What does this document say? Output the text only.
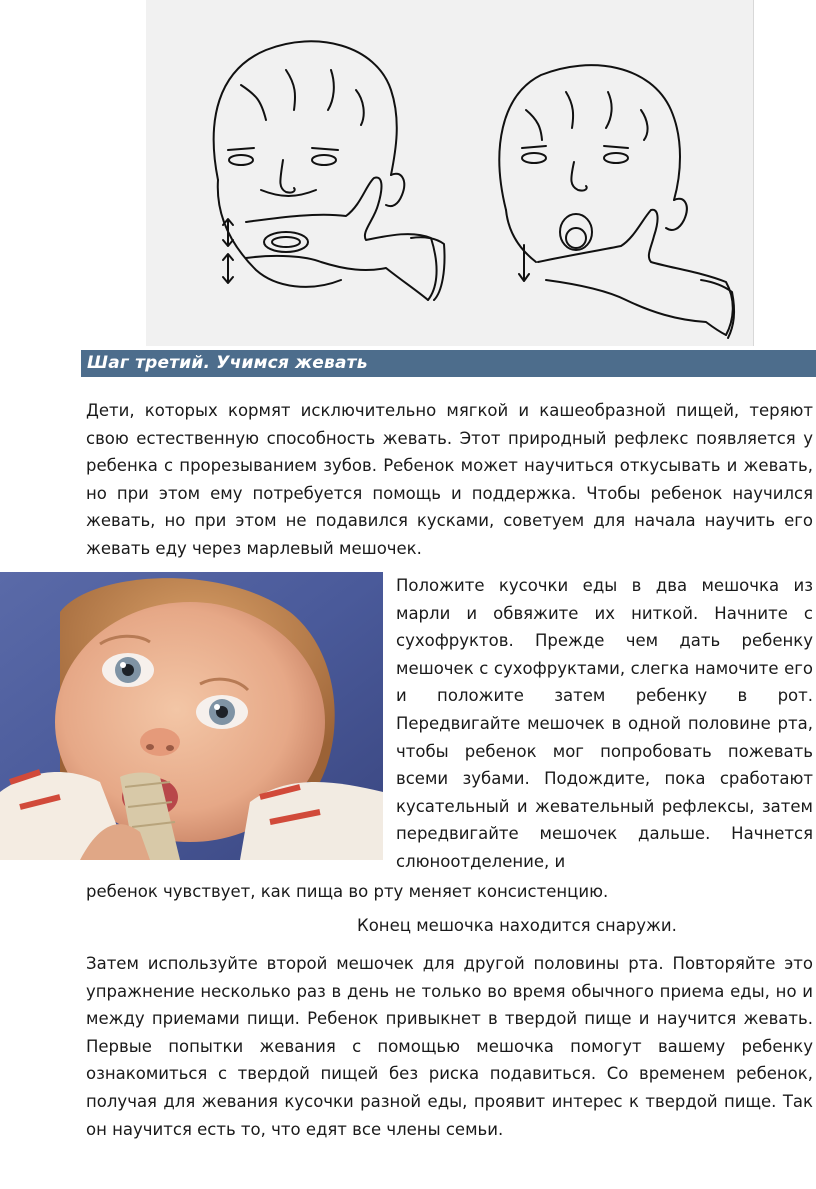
Шаг третий. Учимся жевать

Дети, которых кормят исключительно мягкой и кашеобразной пищей, теряют свою естественную способность жевать. Этот природный рефлекс появляется у ребенка с прорезыванием зубов. Ребенок может научиться откусывать и жевать, но при этом ему потребуется помощь и поддержка. Чтобы ребенок научился жевать, но при этом не подавился кусками, советуем для начала научить его жевать еду через марлевый мешочек.

Положите кусочки еды в два мешочка из марли и обвяжите их ниткой. Начните с сухофруктов. Прежде чем дать ребенку мешочек с сухофруктами, слегка намочите его и положите затем ребенку в рот. Передвигайте мешочек в одной половине рта, чтобы ребенок мог попробовать пожевать всеми зубами. Подождите, пока сработают кусательный и жевательный рефлексы, затем передвигайте мешочек дальше. Начнется слюноотделение, и

ребенок чувствует, как пища во рту меняет консистенцию.
Конец мешочка находится снаружи.

Затем используйте второй мешочек для другой половины рта. Повторяйте это упражнение несколько раз в день не только во время обычного приема еды, но и между приемами пищи. Ребенок привыкнет в твердой пище и научится жевать. Первые попытки жевания с помощью мешочка помогут вашему ребенку ознакомиться с твердой пищей без риска подавиться. Со временем ребенок, получая для жевания кусочки разной еды, проявит интерес к твердой пище. Так он научится есть то, что едят все члены семьи.
